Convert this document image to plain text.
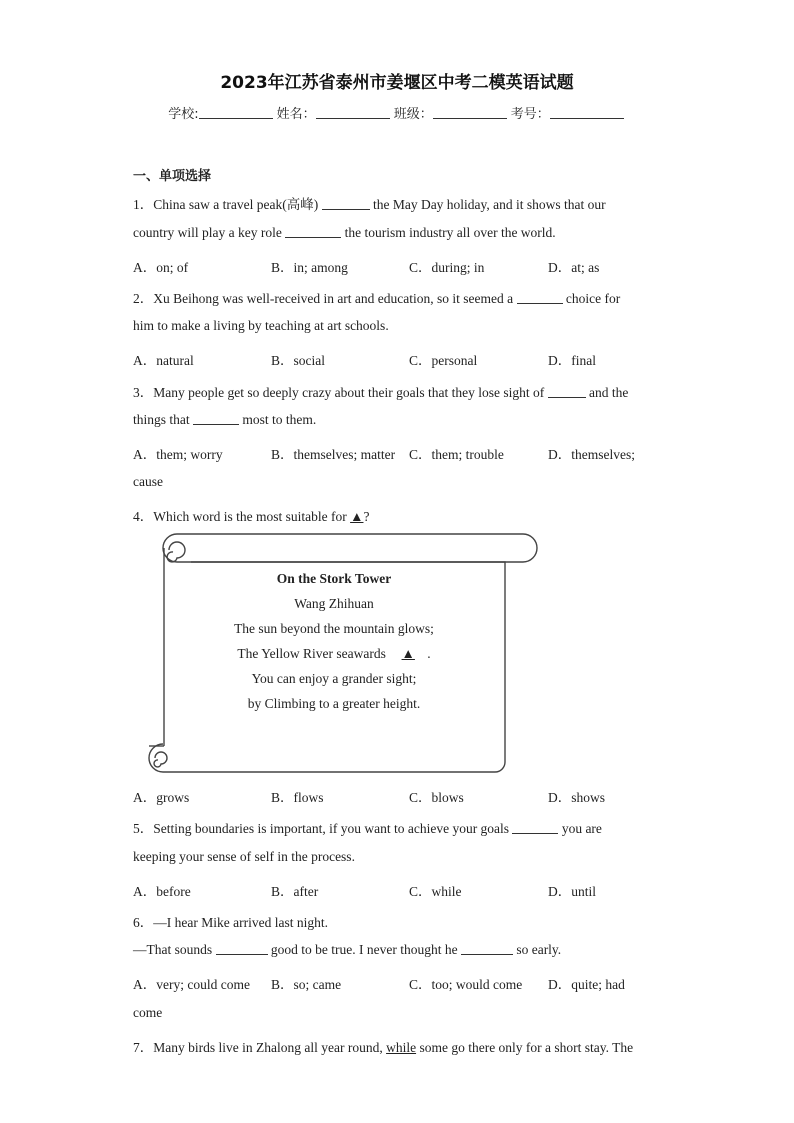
2023年江苏省泰州市姜堰区中考二模英语试题
学校:	姓名：	班级：	考号：
一、单项选择
1．China saw a travel peak(高峰)	the May Day holiday, and it shows that our
country will play a key role	the tourism industry all over the world.
A．on; of	B．in; among	C．during; in	D．at; as
2．Xu Beihong was well-received in art and education, so it seemed a	choice for
him to make a living by teaching at art schools.
A．natural	B．social	C．personal	D．final
3．Many people get so deeply crazy about their goals that they lose sight of	and the
things that	most to them.
A．them; worry	B．themselves; matter C．them; trouble	D．themselves;
cause
4．Which word is the most suitable for ▲?
On the Stork Tower
Wang Zhihuan
The sun beyond the mountain glows;
The Yellow River seawards ▲ .
You can enjoy a grander sight;
by Climbing to a greater height.
A．grows	B．flows	C．blows	D．shows
5．Setting boundaries is important, if you want to achieve your goals	you are
keeping your sense of self in the process.
A．before	B．after	C．while	D．until
6．—I hear Mike arrived last night.
—That sounds	good to be true. I never thought he	so early.
A．very; could come B．so; came	C．too; would come D．quite; had
come
7．Many birds live in Zhalong all year round, while some go there only for a short stay. The
